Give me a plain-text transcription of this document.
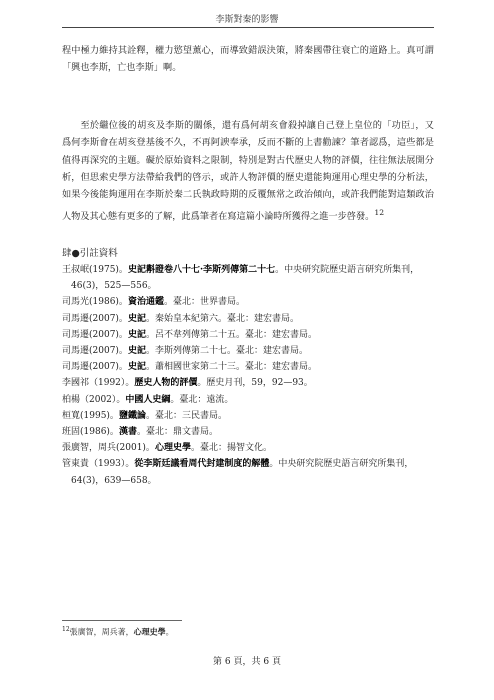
李斯對秦的影響

程中極力維持其詮釋，權力慾望薰心，而導致錯誤決策，將秦國帶往衰亡的道路上。真可謂「興也李斯，亡也李斯」啊。

至於繼位後的胡亥及李斯的關係，還有爲何胡亥會殺掉讓自己登上皇位的「功臣」，又爲何李斯會在胡亥登基後不久，不再阿諛奉承，反而不斷的上書勸諫？筆者認爲，這些都是值得再深究的主題。礙於原始資料之限制，特別是對古代歷史人物的評價，往往無法展開分析，但思索史學方法帶給我們的啓示，或許人物評價的歷史還能夠運用心理史學的分析法，如果今後能夠運用在李斯於秦二氏執政時期的反覆無常之政治傾向，或許我們能對這類政治人物及其心態有更多的了解，此爲筆者在寫這篇小論時所獲得之進一步啓發。$^{12}$

肆●引註資料

王叔岷(1975)。史記斠證卷八十七·李斯列傳第二十七。中央研究院歷史語言研究所集刊，46(3)，525—556。

司馬光(1986)。資治通鑑。臺北：世界書局。

司馬遷(2007)。史記。秦始皇本紀第六。臺北：建宏書局。

司馬遷(2007)。史記。呂不韋列傳第二十五。臺北：建宏書局。

司馬遷(2007)。史記。李斯列傳第二十七。臺北：建宏書局。

司馬遷(2007)。史記。蕭相國世家第二十三。臺北：建宏書局。

李國祁（1992）。歷史人物的評價。歷史月刊，59，92—93。

柏楊（2002）。中國人史綱。臺北：遠流。

桓寬(1995)。鹽鐵論。臺北：三民書局。

班固(1986)。漢書。臺北：鼎文書局。

張廣智，周兵(2001)。心理史學。臺北：揚智文化。

管東貴（1993）。從李斯廷議看周代封建制度的解體。中央研究院歷史語言研究所集刊，64(3)，639—658。

$^{12}$張廣智，周兵著，心理史學。
第 6 頁，共 6 頁
